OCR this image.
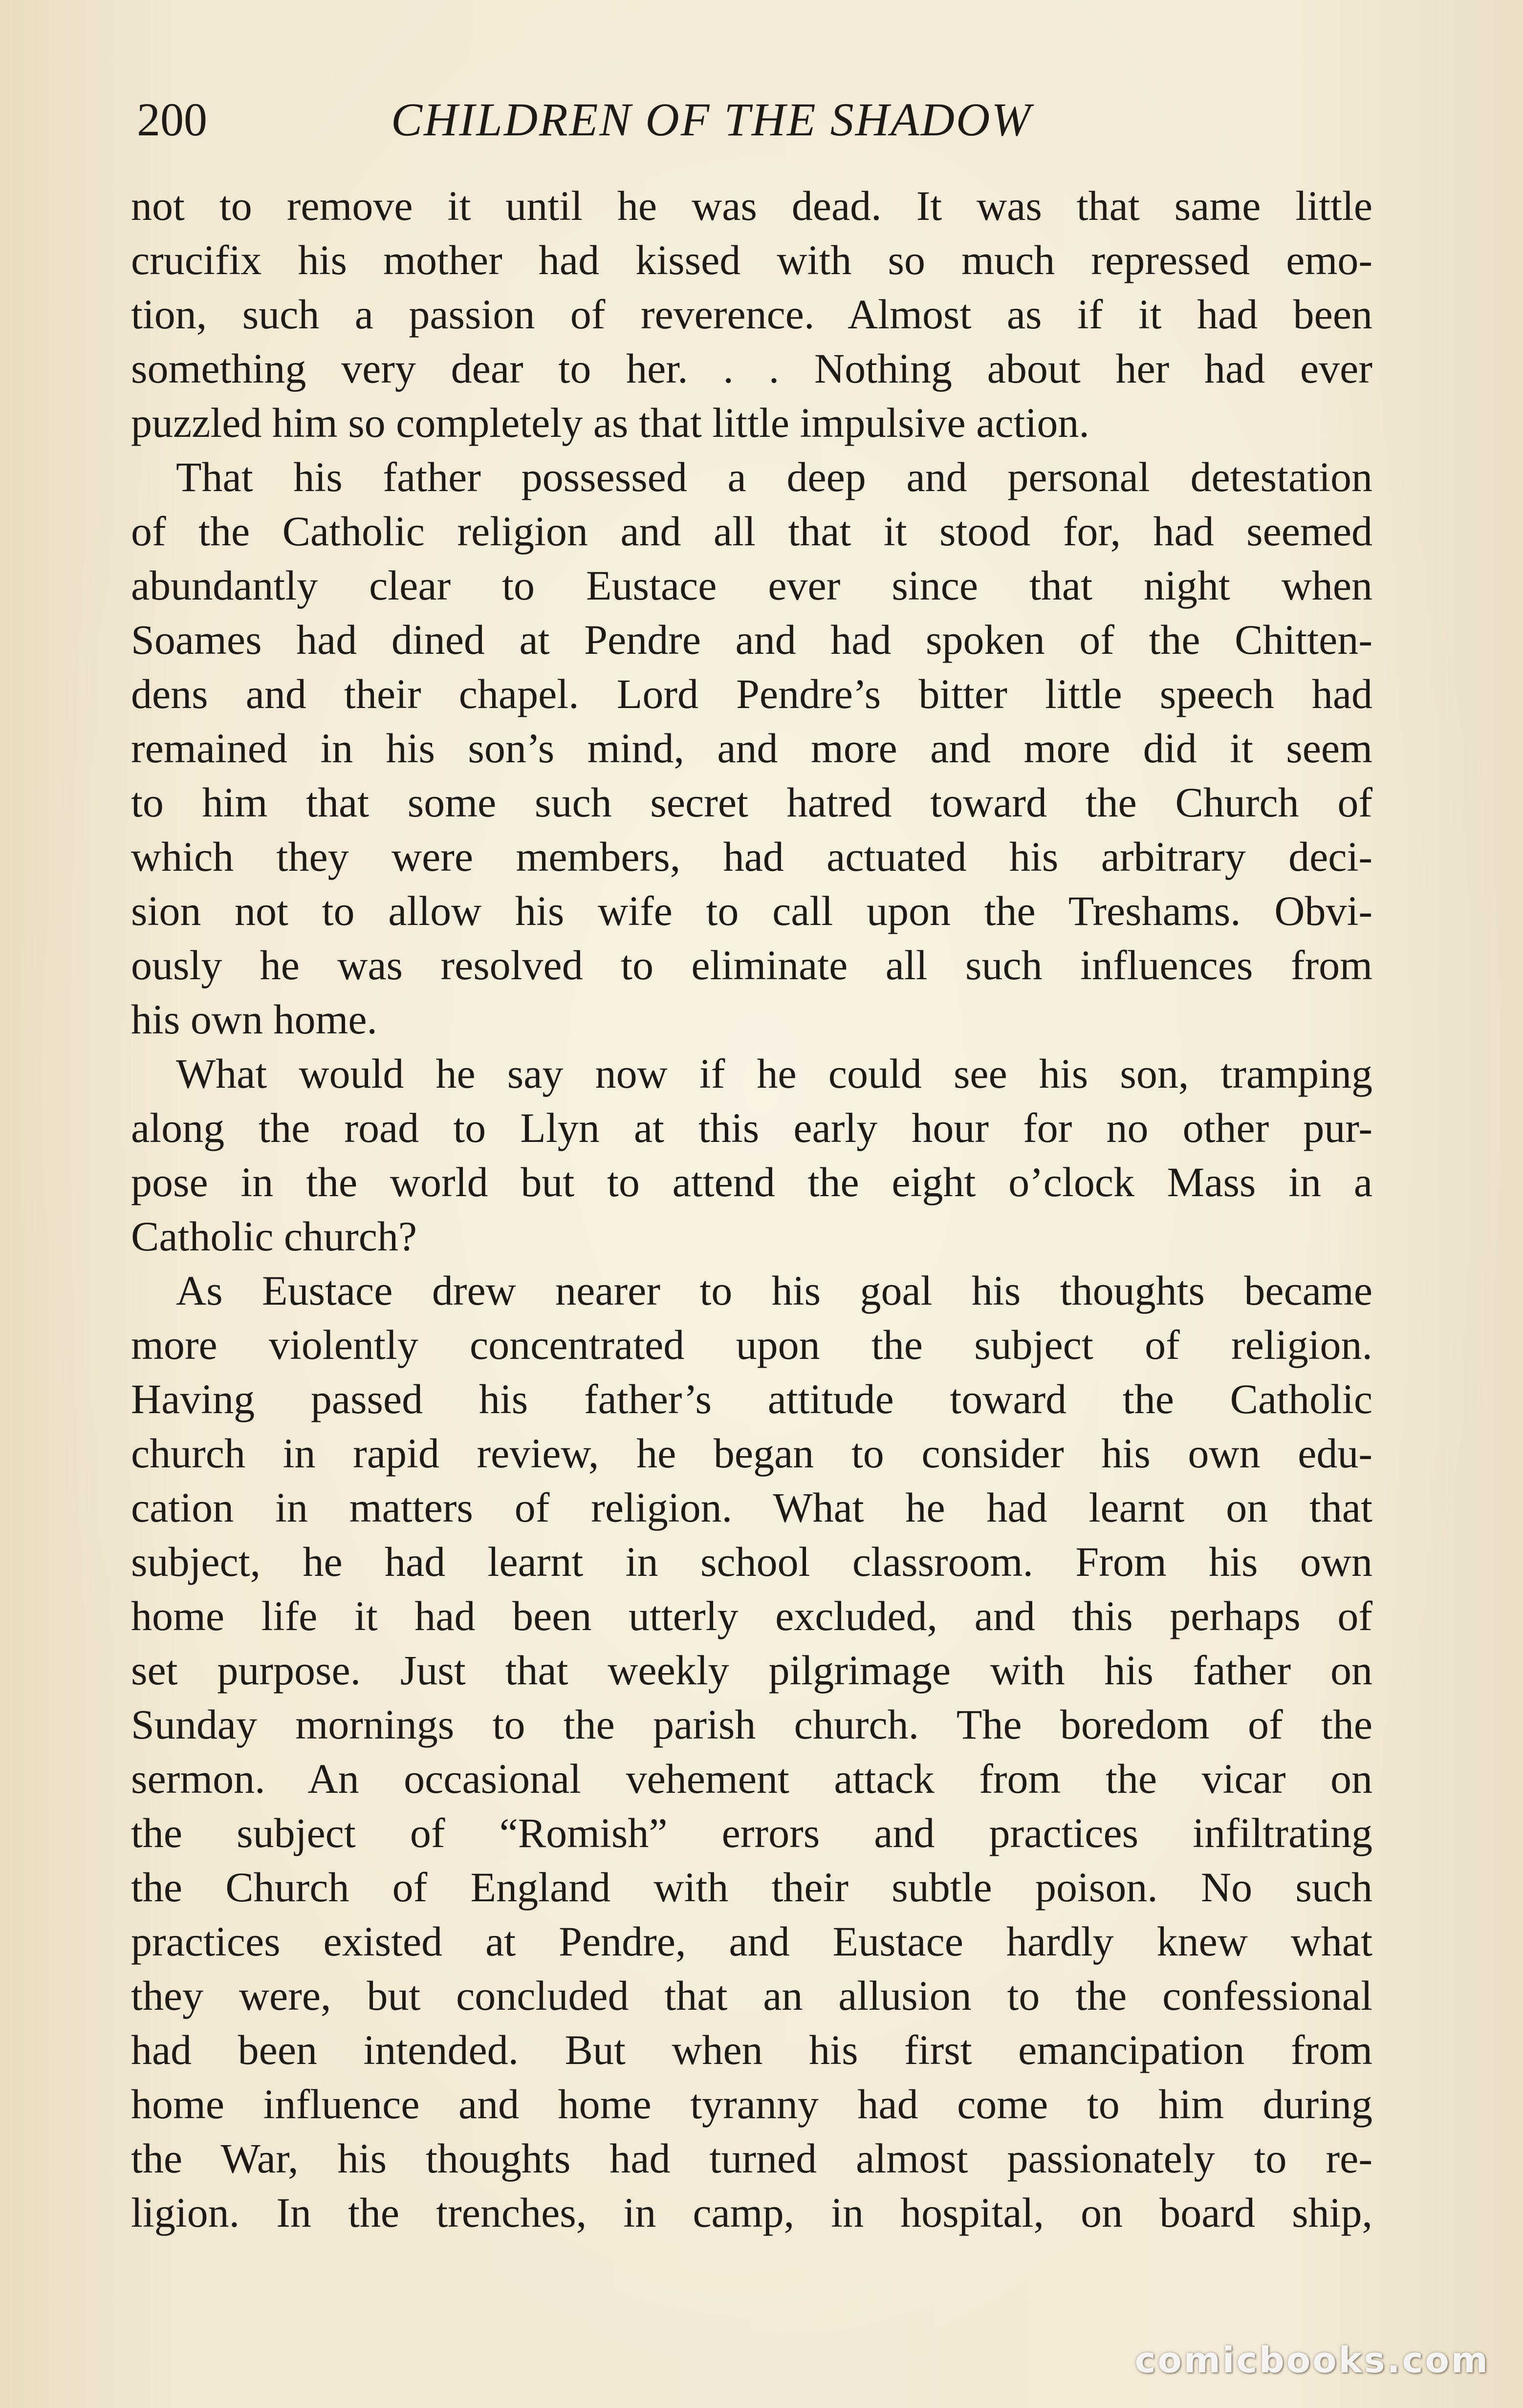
200	CHILDREN OF THE SHADOW
not to remove it until he was dead. It was that same little
crucifix his mother had kissed with so much repressed emo-
tion, such a passion of reverence. Almost as if it had been
something very dear to her. . . Nothing about her had ever
puzzled him so completely as that little impulsive action.
That his father possessed a deep and personal detestation
of the Catholic religion and all that it stood for, had seemed
abundantly clear to Eustace ever since that night when
Soames had dined at Pendre and had spoken of the Chitten-
dens and their chapel. Lord Pendre’s bitter little speech had
remained in his son’s mind, and more and more did it seem
to him that some such secret hatred toward the Church of
which they were members, had actuated his arbitrary deci-
sion not to allow his wife to call upon the Treshams. Obvi-
ously he was resolved to eliminate all such influences from
his own home.
What would he say now if he could see his son, tramping
along the road to Llyn at this early hour for no other pur-
pose in the world but to attend the eight o’clock Mass in a
Catholic church?
As Eustace drew nearer to his goal his thoughts became
more violently concentrated upon the subject of religion.
Having passed his father’s attitude toward the Catholic
church in rapid review, he began to consider his own edu-
cation in matters of religion. What he had learnt on that
subject, he had learnt in school classroom. From his own
home life it had been utterly excluded, and this perhaps of
set purpose. Just that weekly pilgrimage with his father on
Sunday mornings to the parish church. The boredom of the
sermon. An occasional vehement attack from the vicar on
the subject of “Romish” errors and practices infiltrating
the Church of England with their subtle poison. No such
practices existed at Pendre, and Eustace hardly knew what
they were, but concluded that an allusion to the confessional
had been intended. But when his first emancipation from
home influence and home tyranny had come to him during
the War, his thoughts had turned almost passionately to re-
ligion. In the trenches, in camp, in hospital, on board ship,
comicbooks.com
